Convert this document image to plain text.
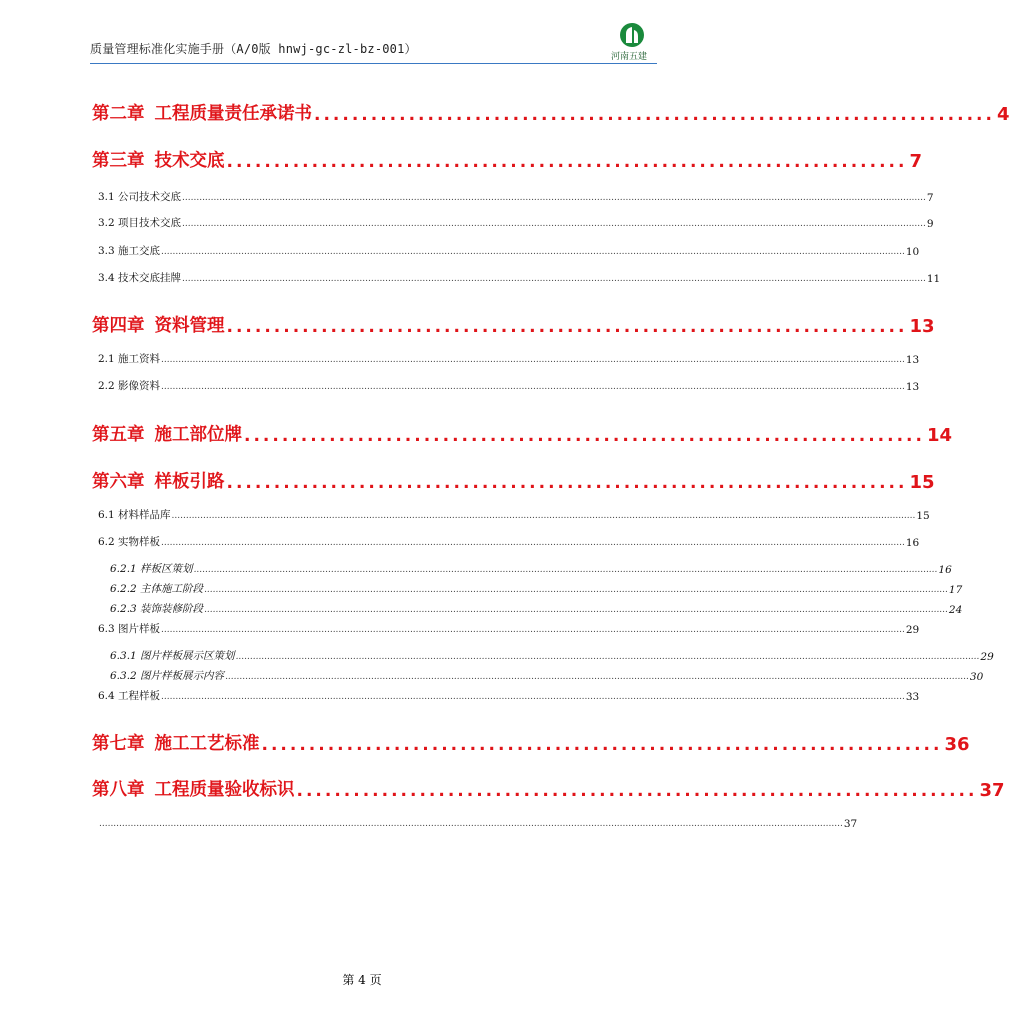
质量管理标准化实施手册（A/0版 hnwj-gc-zl-bz-001）
河南五建
第二章 工程质量责任承诺书 ........................................................................ 4
第三章 技术交底 ........................................................................ 7
3.1 公司技术交底 .................................................................................................................................................................................................................................................................... 7
3.2 项目技术交底 .................................................................................................................................................................................................................................................................... 9
3.3 施工交底 .................................................................................................................................................................................................................................................................... 10
3.4 技术交底挂牌 .................................................................................................................................................................................................................................................................... 11
第四章 资料管理 ........................................................................ 13
2.1 施工资料 .................................................................................................................................................................................................................................................................... 13
2.2 影像资料 .................................................................................................................................................................................................................................................................... 13
第五章 施工部位牌 ........................................................................ 14
第六章 样板引路 ........................................................................ 15
6.1 材料样品库 .................................................................................................................................................................................................................................................................... 15
6.2 实物样板 .................................................................................................................................................................................................................................................................... 16
6.2.1 样板区策划 .................................................................................................................................................................................................................................................................... 16
6.2.2 主体施工阶段 .................................................................................................................................................................................................................................................................... 17
6.2.3 装饰装修阶段 .................................................................................................................................................................................................................................................................... 24
6.3 图片样板 .................................................................................................................................................................................................................................................................... 29
6.3.1 图片样板展示区策划 .................................................................................................................................................................................................................................................................... 29
6.3.2 图片样板展示内容 .................................................................................................................................................................................................................................................................... 30
6.4 工程样板 .................................................................................................................................................................................................................................................................... 33
第七章 施工工艺标准 ........................................................................ 36
第八章 工程质量验收标识 ........................................................................ 37
.................................................................................................................................................................................................................................................................... 37
第 4 页
